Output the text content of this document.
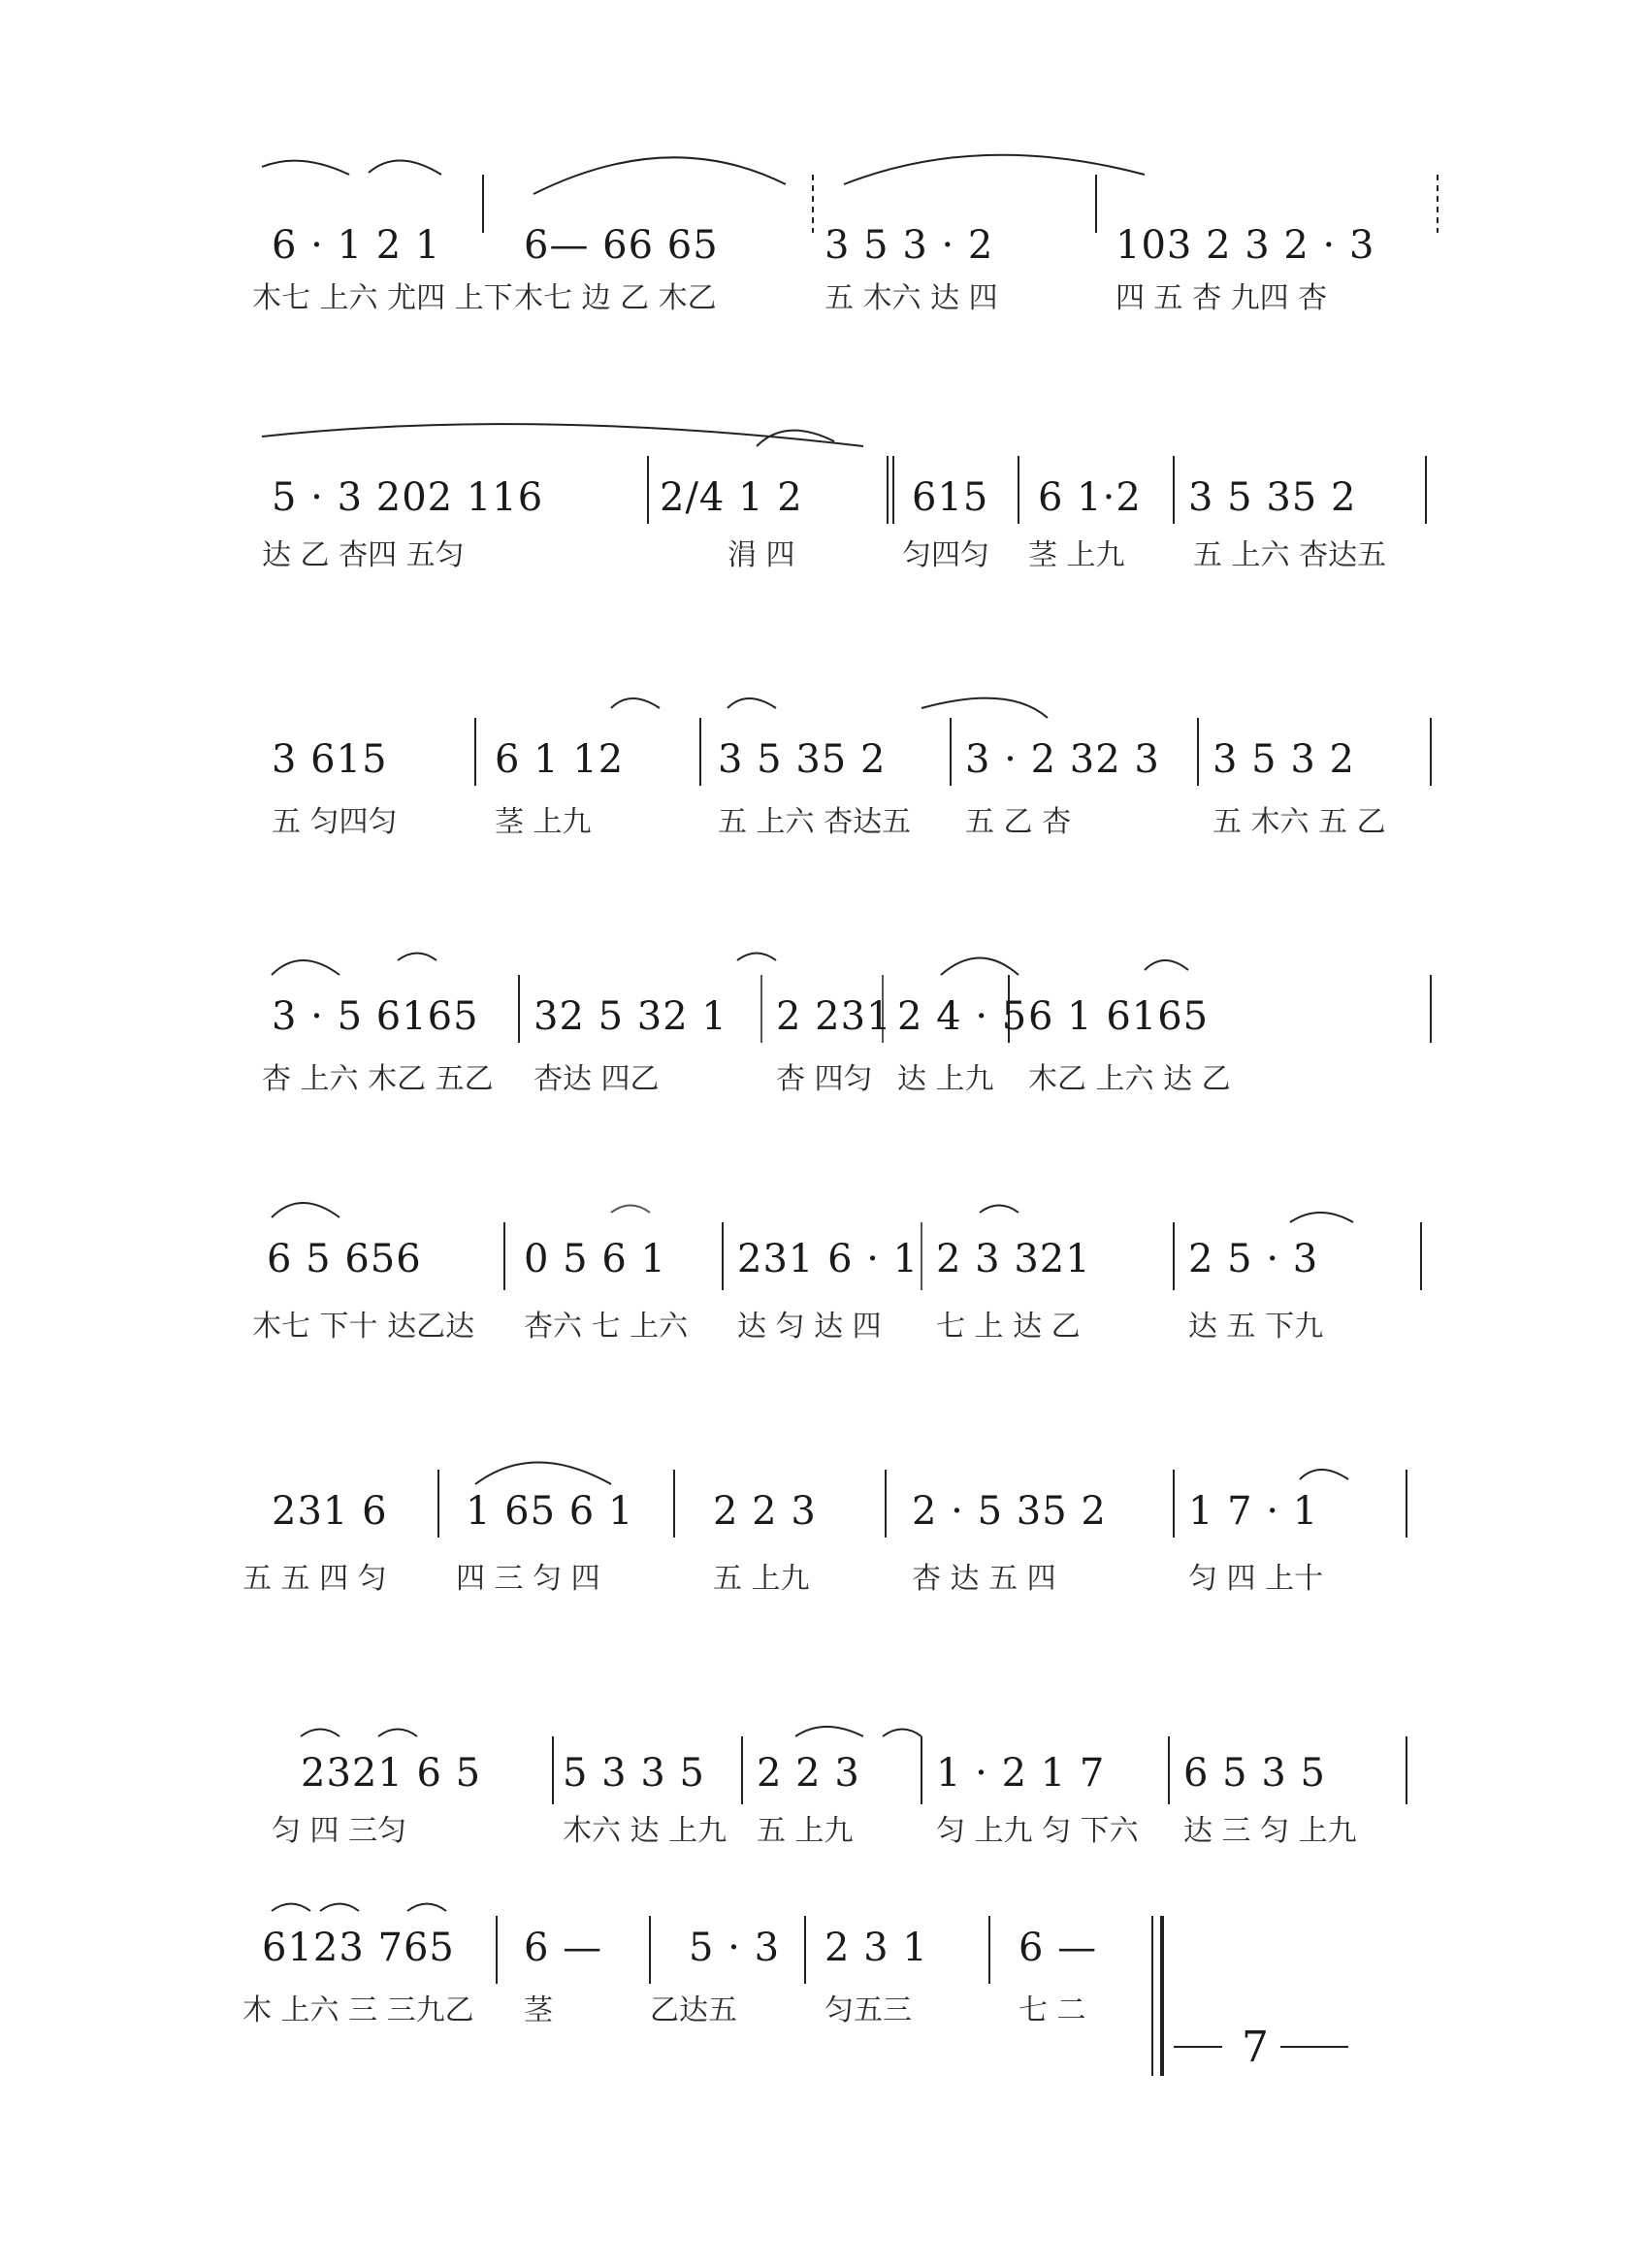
6 · 1 2 1 6— 66 65	3 5 3 · 2	103 2 3 2 · 3
木七 上六 尤四 上下 木七 边 乙 木乙	五 木六 达 四	四 五 杏 九四 杏
5 · 3 202 116	2/4 1 2	615 6 1·2 3 5 35 2
达 乙 杏四 五匀	涓 四	匀四匀 茎 上九 五 上六 杏达五
3 615	6 1 12 3 5 35 2 3 · 2 32 3 3 5 3 2
五 匀四匀	茎 上九	五 上六 杏达五 五 乙 杏	五 木六 五 乙
3 · 5 6165 32 5 32 1 2 231 2 4 · 5 6 1 6165
杏 上六 木乙 五乙 杏达 四乙	杏 四匀 达 上九 木乙 上六 达 乙
6 5 656	0 5 6 1 231 6 · 1 2 3 321	2 5 · 3
木七 下十 达乙达 杏六 七 上六 达 匀 达 四 七 上 达 乙	达 五 下九
231 6 1 65 6 1 2 2 3 2 · 5 35 2 1 7 · 1
五 五 四 匀 四 三 匀 四	五 上九	杏 达 五 四	匀 四 上十
2321 6 5 5 3 3 5 2 2 3 1 · 2 1 7 6 5 3 5
匀 四 三匀	木六 达 上九 五 上九	匀 上九 匀 下六 达 三 匀 上九
6123 765 6 — 5 · 3 2 3 1 6 —
木 上六 三 三九乙 茎	乙达五	匀五三	七 二
7
